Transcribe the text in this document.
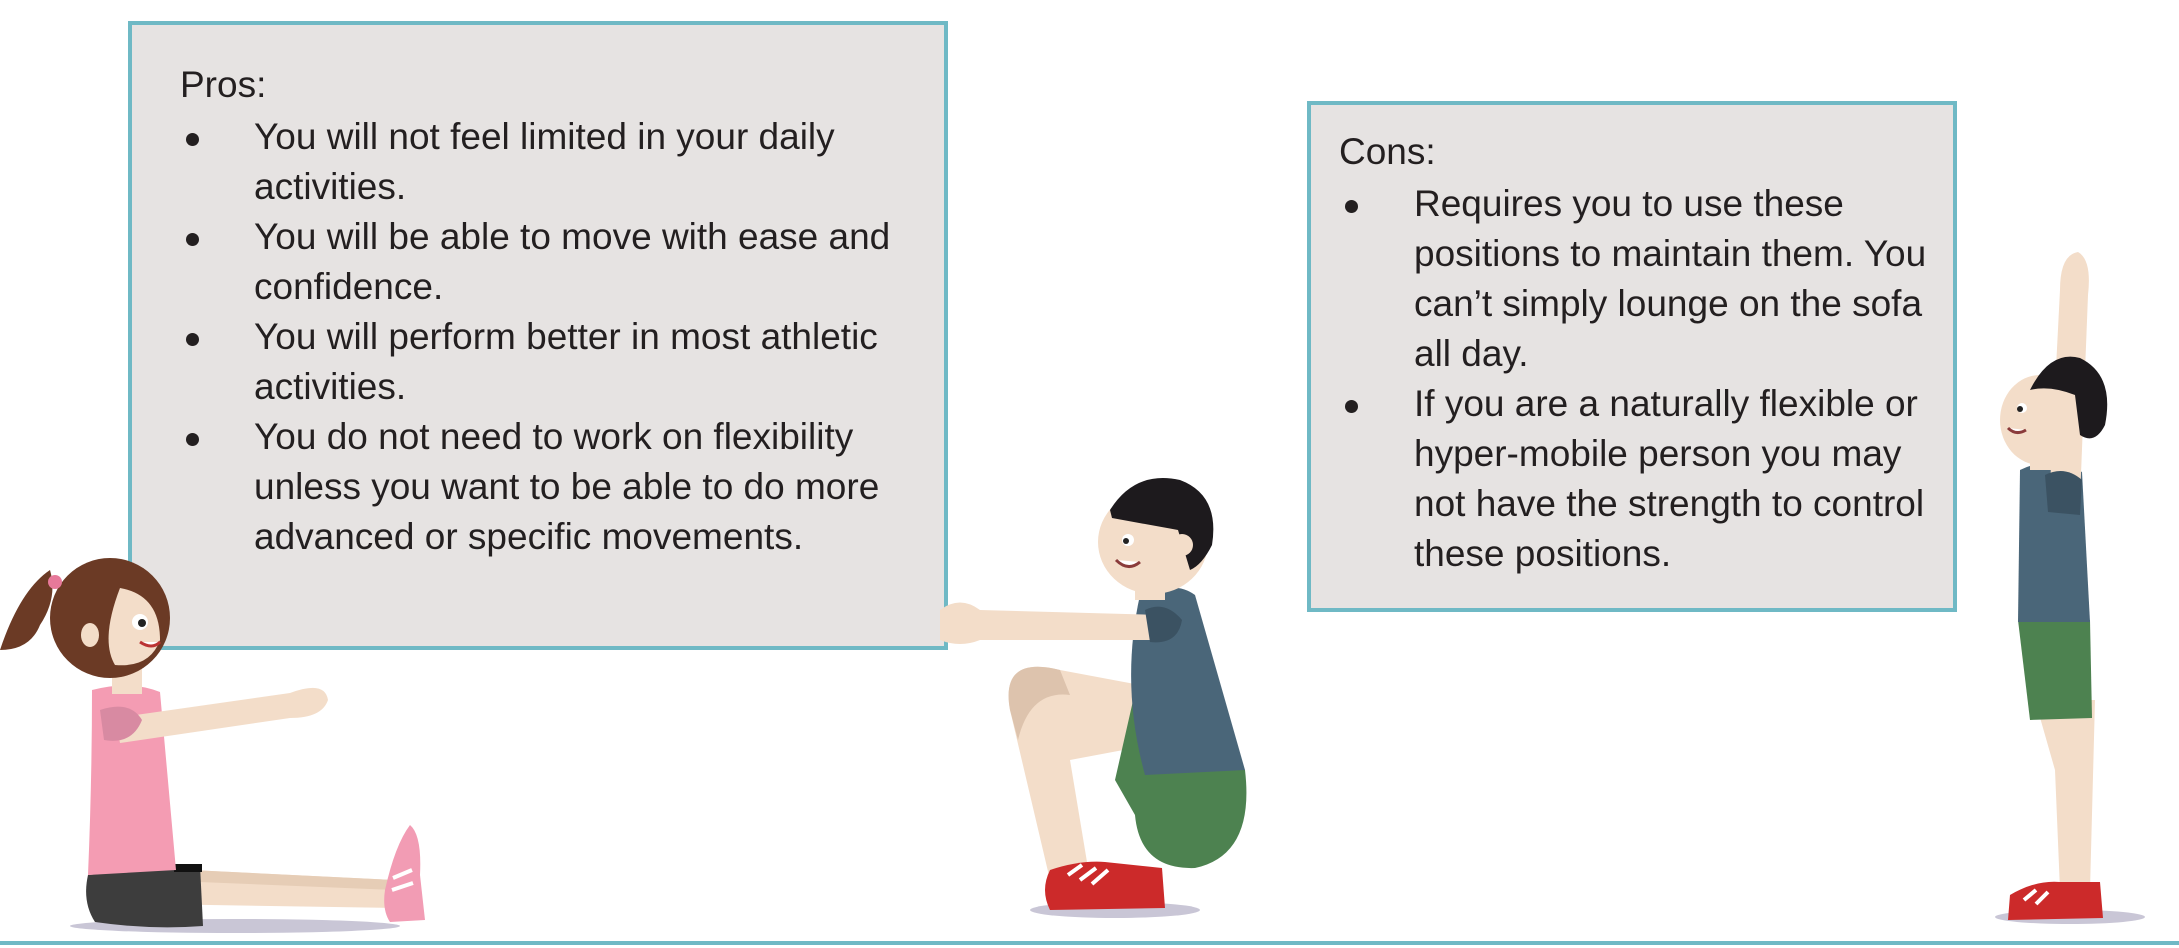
Pros:
You will not feel limited in your daily activities.
You will be able to move with ease and confidence.
You will perform better in most athletic activities.
You do not need to work on flexibility unless you want to be able to do more advanced or specific movements.
Cons:
Requires you to use these positions to maintain them. You can’t simply lounge on the sofa all day.
If you are a naturally flexible or hyper-mobile person you may not have the strength to control these positions.
